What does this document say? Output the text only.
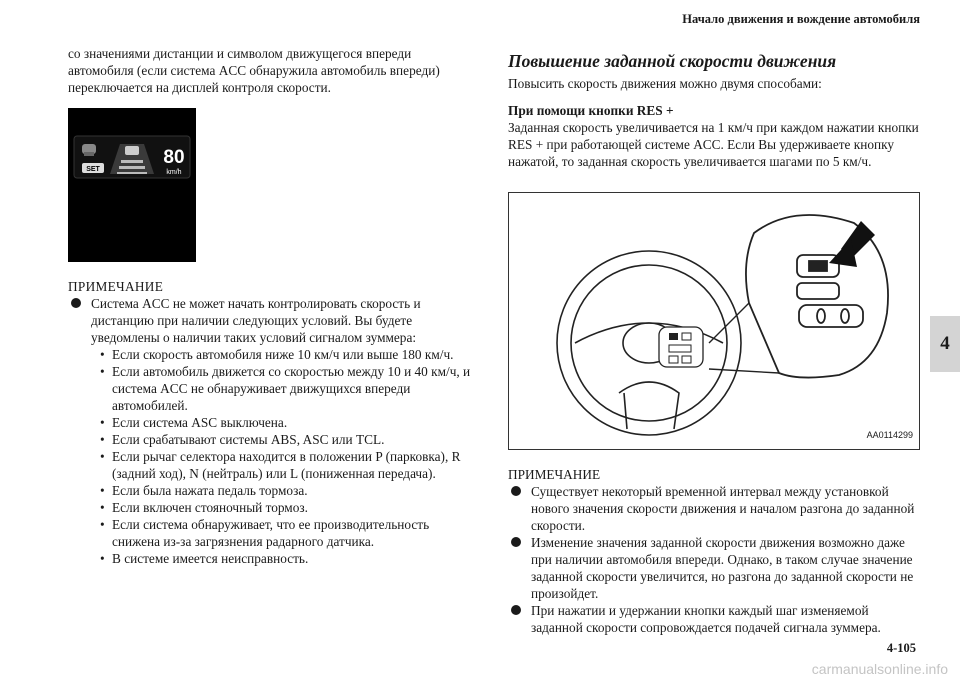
Начало движения и вождение автомобиля
4

со значениями дистанции и символом движущегося впереди автомобиля (если система ACC обнаружила автомобиль впереди) переключается на дисплей контроля скорости.

SET
80
km/h

ПРИМЕЧАНИЕ

Система ACC не может начать контролировать скорость и дистанцию при наличии следующих условий. Вы будете уведомлены о наличии таких условий сигналом зуммера:
• Если скорость автомобиля ниже 10 км/ч или выше 180 км/ч.
• Если автомобиль движется со скоростью между 10 и 40 км/ч, и система ACC не обнаруживает движущихся впереди автомобилей.
• Если система ASC выключена.
• Если срабатывают системы ABS, ASC или TCL.
• Если рычаг селектора находится в положении P (парковка), R (задний ход), N (нейтраль) или L (пониженная передача).
• Если была нажата педаль тормоза.
• Если включен стояночный тормоз.
• Если система обнаруживает, что ее производительность снижена из-за загрязнения радарного датчика.
• В системе имеется неисправность.

Повышение заданной скорости движения

Повысить скорость движения можно двумя способами:

При помощи кнопки RES +

Заданная скорость увеличивается на 1 км/ч при каждом нажатии кнопки RES + при работающей системе ACC. Если Вы удерживаете кнопку нажатой, то заданная скорость увеличивается шагами по 5 км/ч.

AA0114299

ПРИМЕЧАНИЕ

Существует некоторый временной интервал между установкой нового значения скорости движения и началом разгона до заданной скорости.
Изменение значения заданной скорости движения возможно даже при наличии автомобиля впереди. Однако, в таком случае значение заданной скорости увеличится, но разгона до заданной скорости не произойдет.
При нажатии и удержании кнопки каждый шаг изменяемой заданной скорости сопровождается подачей сигнала зуммера.
4-105
carmanualsonline.info
